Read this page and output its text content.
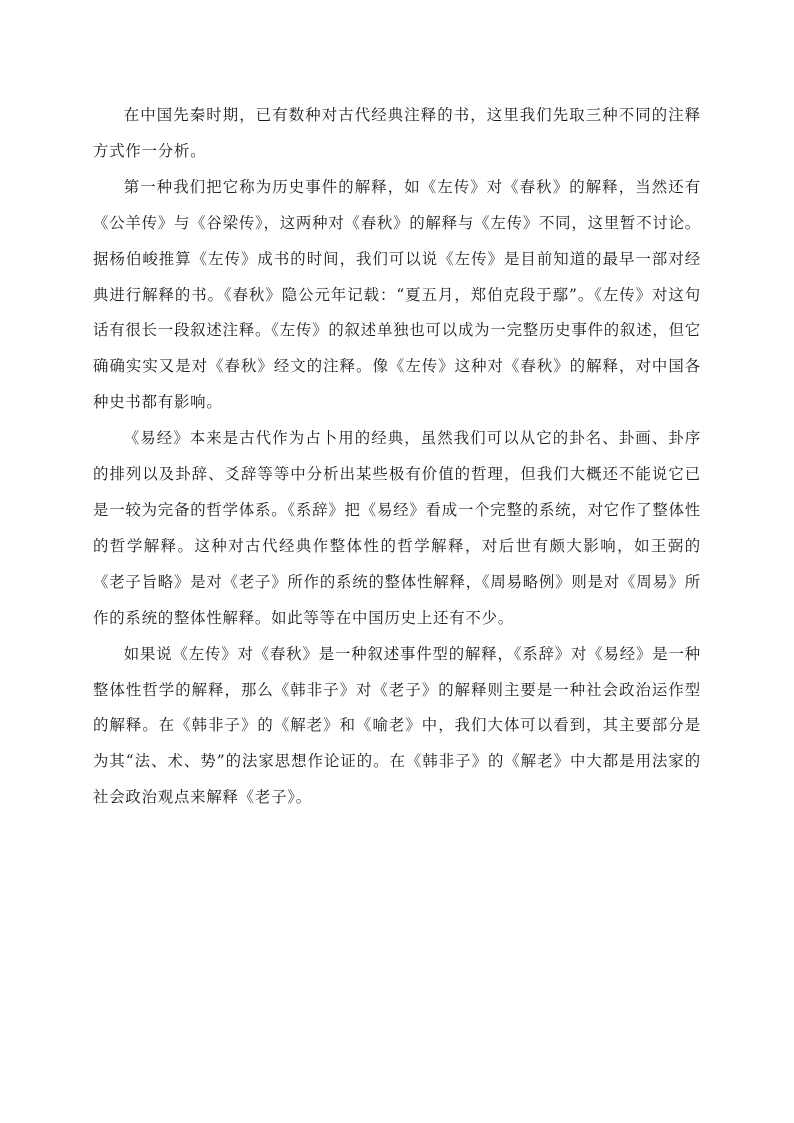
在中国先秦时期，已有数种对古代经典注释的书，这里我们先取三种不同的注释方式作一分析。

第一种我们把它称为历史事件的解释，如《左传》对《春秋》的解释，当然还有《公羊传》与《谷梁传》，这两种对《春秋》的解释与《左传》不同，这里暂不讨论。据杨伯峻推算《左传》成书的时间，我们可以说《左传》是目前知道的最早一部对经典进行解释的书。《春秋》隐公元年记载：“夏五月，郑伯克段于鄢”。《左传》对这句话有很长一段叙述注释。《左传》的叙述单独也可以成为一完整历史事件的叙述，但它确确实实又是对《春秋》经文的注释。像《左传》这种对《春秋》的解释，对中国各种史书都有影响。

《易经》本来是古代作为占卜用的经典，虽然我们可以从它的卦名、卦画、卦序的排列以及卦辞、爻辞等等中分析出某些极有价值的哲理，但我们大概还不能说它已是一较为完备的哲学体系。《系辞》把《易经》看成一个完整的系统，对它作了整体性的哲学解释。这种对古代经典作整体性的哲学解释，对后世有颇大影响，如王弼的《老子旨略》是对《老子》所作的系统的整体性解释，《周易略例》则是对《周易》所作的系统的整体性解释。如此等等在中国历史上还有不少。

如果说《左传》对《春秋》是一种叙述事件型的解释，《系辞》对《易经》是一种整体性哲学的解释，那么《韩非子》对《老子》的解释则主要是一种社会政治运作型的解释。在《韩非子》的《解老》和《喻老》中，我们大体可以看到，其主要部分是为其“法、术、势”的法家思想作论证的。在《韩非子》的《解老》中大都是用法家的社会政治观点来解释《老子》。
